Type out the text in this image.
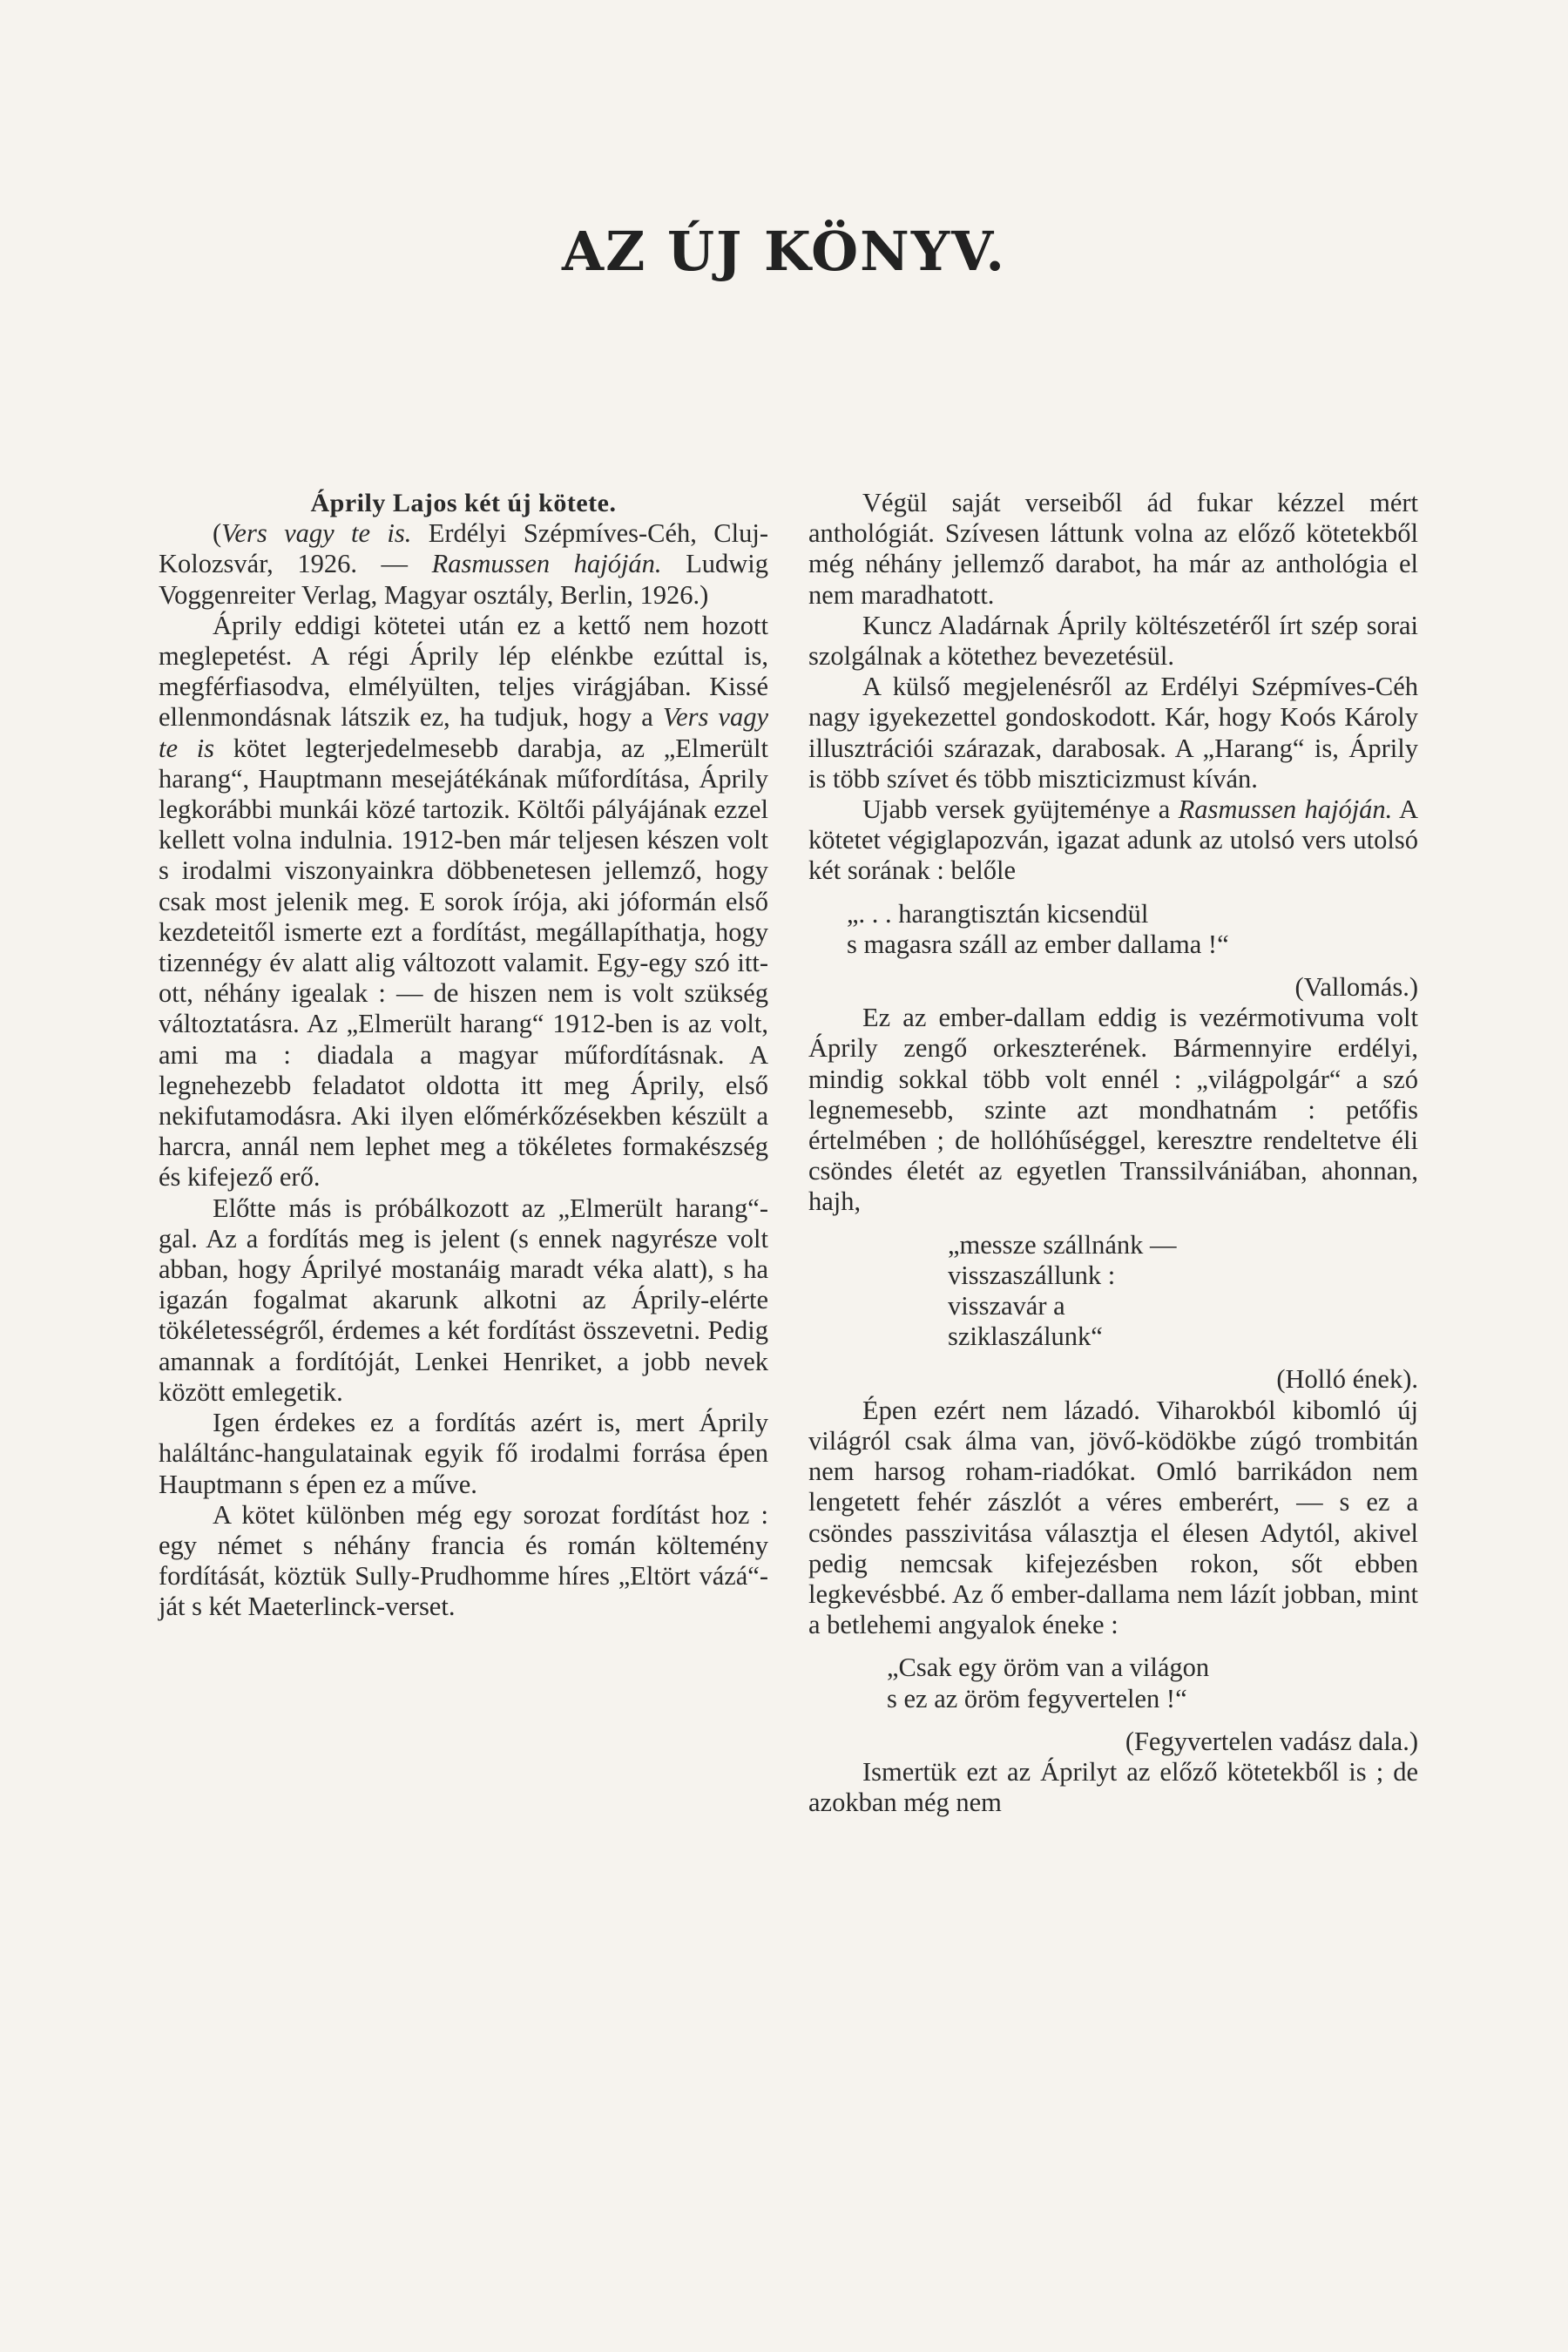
AZ ÚJ KÖNYV.

Áprily Lajos két új kötete.

(Vers vagy te is. Erdélyi Szépmíves-Céh, Cluj-Kolozsvár, 1926. — Rasmussen hajóján. Ludwig Voggenreiter Verlag, Magyar osztály, Berlin, 1926.)

Áprily eddigi kötetei után ez a kettő nem hozott meglepetést. A régi Áprily lép elénkbe ezúttal is, megférfiasodva, elmélyülten, teljes virágjában. Kissé ellenmondásnak látszik ez, ha tudjuk, hogy a Vers vagy te is kötet legterjedelmesebb darabja, az „Elmerült harang“, Hauptmann mesejátékának műfordítása, Áprily legkorábbi munkái közé tartozik. Költői pályájának ezzel kellett volna indulnia. 1912-ben már teljesen készen volt s irodalmi viszonyainkra döbbenetesen jellemző, hogy csak most jelenik meg. E sorok írója, aki jóformán első kezdeteitől ismerte ezt a fordítást, megállapíthatja, hogy tizennégy év alatt alig változott valamit. Egy-egy szó itt-ott, néhány igealak : — de hiszen nem is volt szükség változtatásra. Az „Elmerült harang“ 1912-ben is az volt, ami ma : diadala a magyar műfordításnak. A legnehezebb feladatot oldotta itt meg Áprily, első nekifutamodásra. Aki ilyen előmérkőzésekben készült a harcra, annál nem lephet meg a tökéletes formakészség és kifejező erő.

Előtte más is próbálkozott az „Elmerült harang“-gal. Az a fordítás meg is jelent (s ennek nagyrésze volt abban, hogy Áprilyé mostanáig maradt véka alatt), s ha igazán fogalmat akarunk alkotni az Áprily-elérte tökéletességről, érdemes a két fordítást összevetni. Pedig amannak a fordítóját, Lenkei Henriket, a jobb nevek között emlegetik.

Igen érdekes ez a fordítás azért is, mert Áprily haláltánc-hangulatainak egyik fő irodalmi forrása épen Hauptmann s épen ez a műve.

A kötet különben még egy sorozat fordítást hoz : egy német s néhány francia és román költemény fordítását, köztük Sully-Prudhomme híres „Eltört vázá“-ját s két Maeterlinck-verset.

Végül saját verseiből ád fukar kézzel mért anthológiát. Szívesen láttunk volna az előző kötetekből még néhány jellemző darabot, ha már az anthológia el nem maradhatott.

Kuncz Aladárnak Áprily költészetéről írt szép sorai szolgálnak a kötethez bevezetésül.

A külső megjelenésről az Erdélyi Szépmíves-Céh nagy igyekezettel gondoskodott. Kár, hogy Koós Károly illusztrációi szárazak, darabosak. A „Harang“ is, Áprily is több szívet és több miszticizmust kíván.

Ujabb versek gyüjteménye a Rasmussen hajóján. A kötetet végiglapozván, igazat adunk az utolsó vers utolsó két sorának : belőle

„. . . harangtisztán kicsendül
s magasra száll az ember dallama !“

(Vallomás.)

Ez az ember-dallam eddig is vezérmotivuma volt Áprily zengő orkeszterének. Bármennyire erdélyi, mindig sokkal több volt ennél : „világpolgár“ a szó legnemesebb, szinte azt mondhatnám : petőfis értelmében ; de hollóhűséggel, keresztre rendeltetve éli csöndes életét az egyetlen Transsilvániában, ahonnan, hajh,

„messze szállnánk —
visszaszállunk :
visszavár a
sziklaszálunk“

(Holló ének).

Épen ezért nem lázadó. Viharokból kibomló új világról csak álma van, jövő-ködökbe zúgó trombitán nem harsog roham-riadókat. Omló barrikádon nem lengetett fehér zászlót a véres emberért, — s ez a csöndes passzivitása választja el élesen Adytól, akivel pedig nemcsak kifejezésben rokon, sőt ebben legkevésbbé. Az ő ember-dallama nem lázít jobban, mint a betlehemi angyalok éneke :

„Csak egy öröm van a világon
s ez az öröm fegyvertelen !“

(Fegyvertelen vadász dala.)

Ismertük ezt az Áprilyt az előző kötetekből is ; de azokban még nem
